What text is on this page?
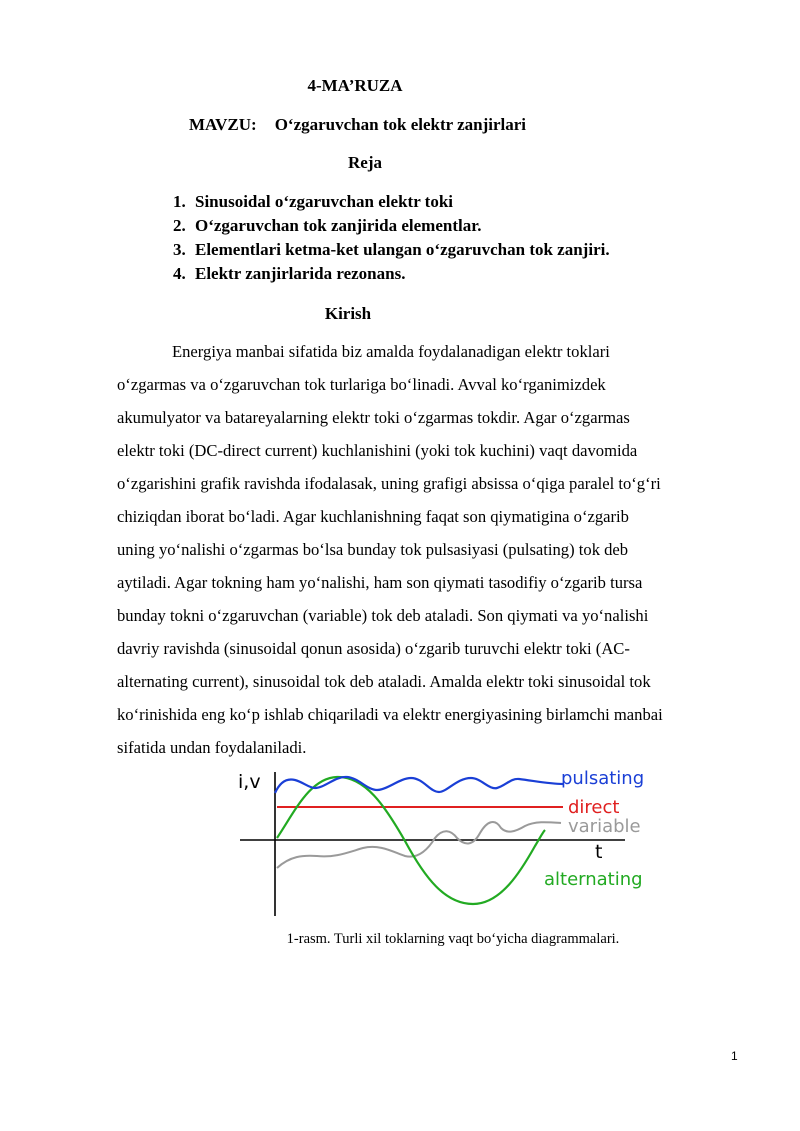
4-MA’RUZA
MAVZU: O‘zgaruvchan tok elektr zanjirlari
Reja
1. Sinusoidal o‘zgaruvchan elektr toki
2. O‘zgaruvchan tok zanjirida elementlar.
3. Elementlari ketma-ket ulangan o‘zgaruvchan tok zanjiri.
4. Elektr zanjirlarida rezonans.
Kirish
Energiya manbai sifatida biz amalda foydalanadigan elektr toklari
o‘zgarmas va o‘zgaruvchan tok turlariga bo‘linadi. Avval ko‘rganimizdek
akumulyator va batareyalarning elektr toki o‘zgarmas tokdir. Agar o‘zgarmas
elektr toki (DC-direct current) kuchlanishini (yoki tok kuchini) vaqt davomida
o‘zgarishini grafik ravishda ifodalasak, uning grafigi absissa o‘qiga paralel to‘g‘ri
chiziqdan iborat bo‘ladi. Agar kuchlanishning faqat son qiymatigina o‘zgarib
uning yo‘nalishi o‘zgarmas bo‘lsa bunday tok pulsasiyasi (pulsating) tok deb
aytiladi. Agar tokning ham yo‘nalishi, ham son qiymati tasodifiy o‘zgarib tursa
bunday tokni o‘zgaruvchan (variable) tok deb ataladi. Son qiymati va yo‘nalishi
davriy ravishda (sinusoidal qonun asosida) o‘zgarib turuvchi elektr toki (AC-
alternating current), sinusoidal tok deb ataladi. Amalda elektr toki sinusoidal tok
ko‘rinishida eng ko‘p ishlab chiqariladi va elektr energiyasining birlamchi manbai
sifatida undan foydalaniladi.
i,v
t
pulsating
direct
variable
alternating
1-rasm. Turli xil toklarning vaqt bo‘yicha diagrammalari.
1
